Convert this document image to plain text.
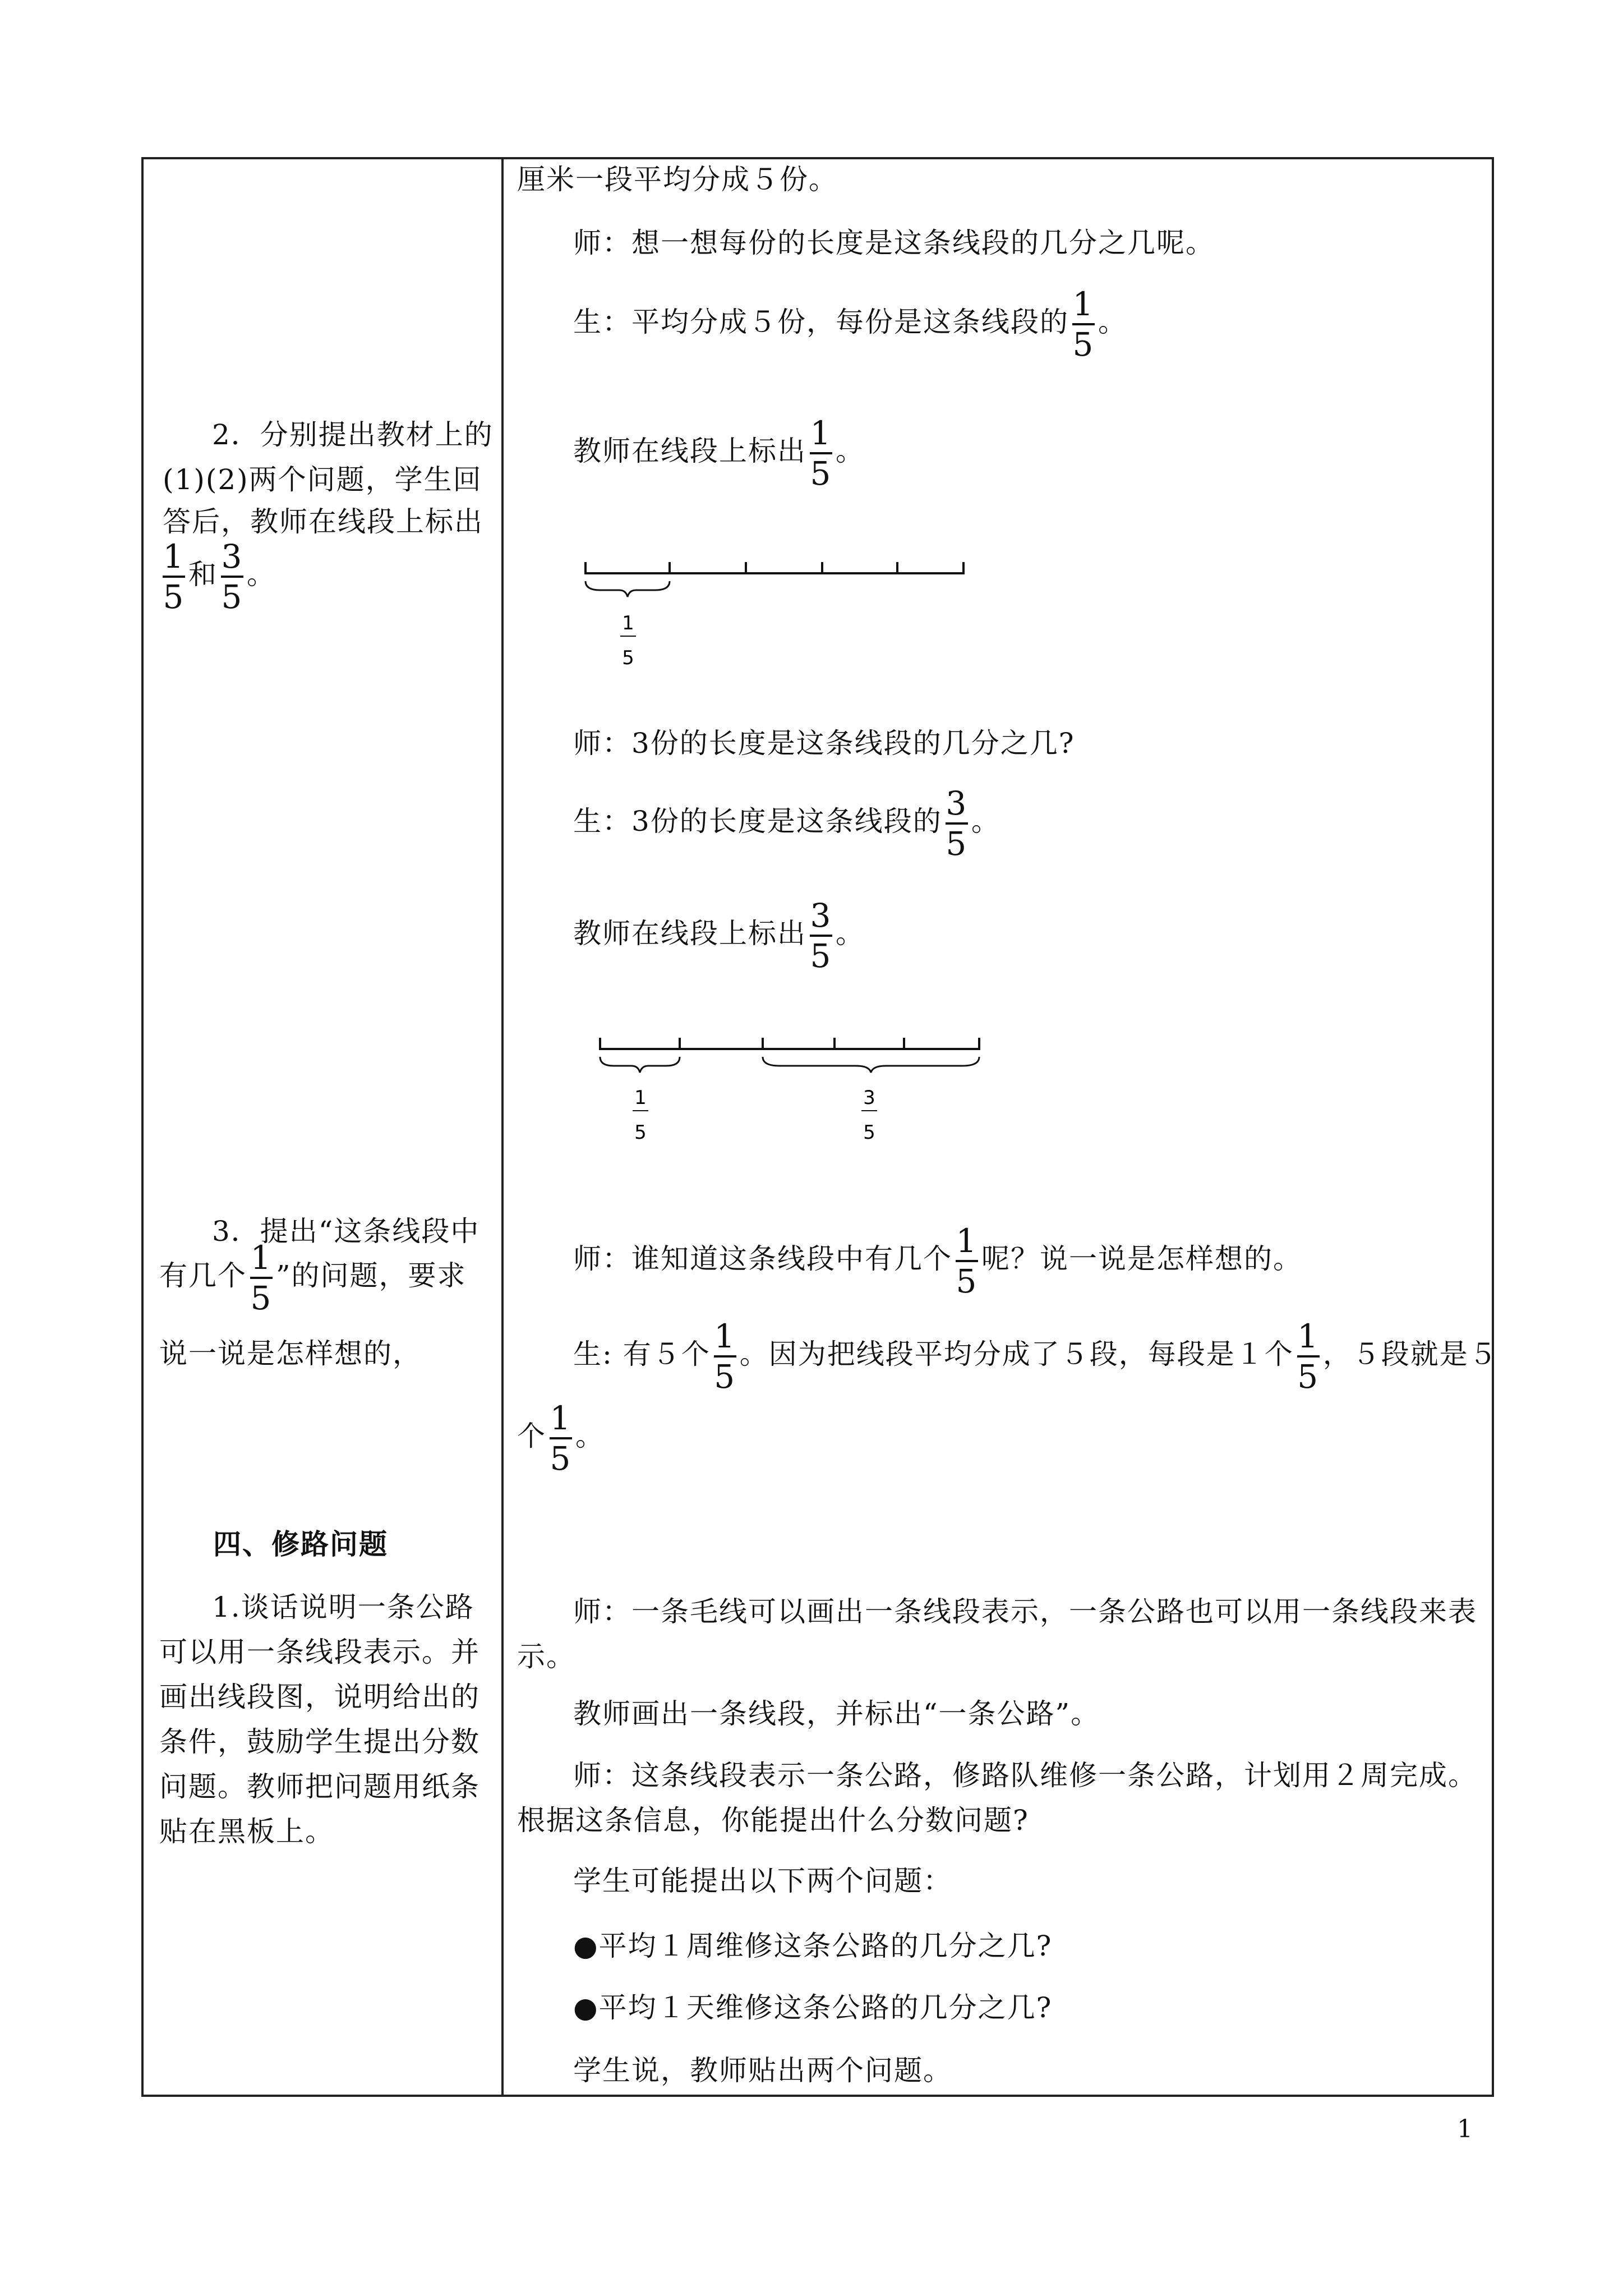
2．分别提出教材上的
(1)(2)两个问题，学生回
答后，教师在线段上标出
$\frac{1}{5}$ 和 $\frac{3}{5}$ 。
3．提出“这条线段中
有几个 $\frac{1}{5}$ ”的问题，要求
说一说是怎样想的，
四、修路问题
1.谈话说明一条公路
可以用一条线段表示。并
画出线段图，说明给出的
条件，鼓励学生提出分数
问题。教师把问题用纸条
贴在黑板上。
厘米一段平均分成５份。
师：想一想每份的长度是这条线段的几分之几呢。
生：平均分成５份，每份是这条线段的 $\frac{1}{5}$ 。
教师在线段上标出 $\frac{1}{5}$ 。
1
5
师：3份的长度是这条线段的几分之几?
生：3份的长度是这条线段的 $\frac{3}{5}$ 。
教师在线段上标出 $\frac{3}{5}$ 。
1
5
3
5
师：谁知道这条线段中有几个 $\frac{1}{5}$ 呢？说一说是怎样想的。
生: 有５个 $\frac{1}{5}$ 。因为把线段平均分成了５段，每段是１个 $\frac{1}{5}$ ，５段就是５
个 $\frac{1}{5}$ 。
师：一条毛线可以画出一条线段表示，一条公路也可以用一条线段来表
示。
教师画出一条线段，并标出“一条公路”。
师：这条线段表示一条公路，修路队维修一条公路，计划用２周完成。
根据这条信息，你能提出什么分数问题?
学生可能提出以下两个问题：
●平均１周维修这条公路的几分之几?
●平均１天维修这条公路的几分之几?
学生说，教师贴出两个问题。
1
